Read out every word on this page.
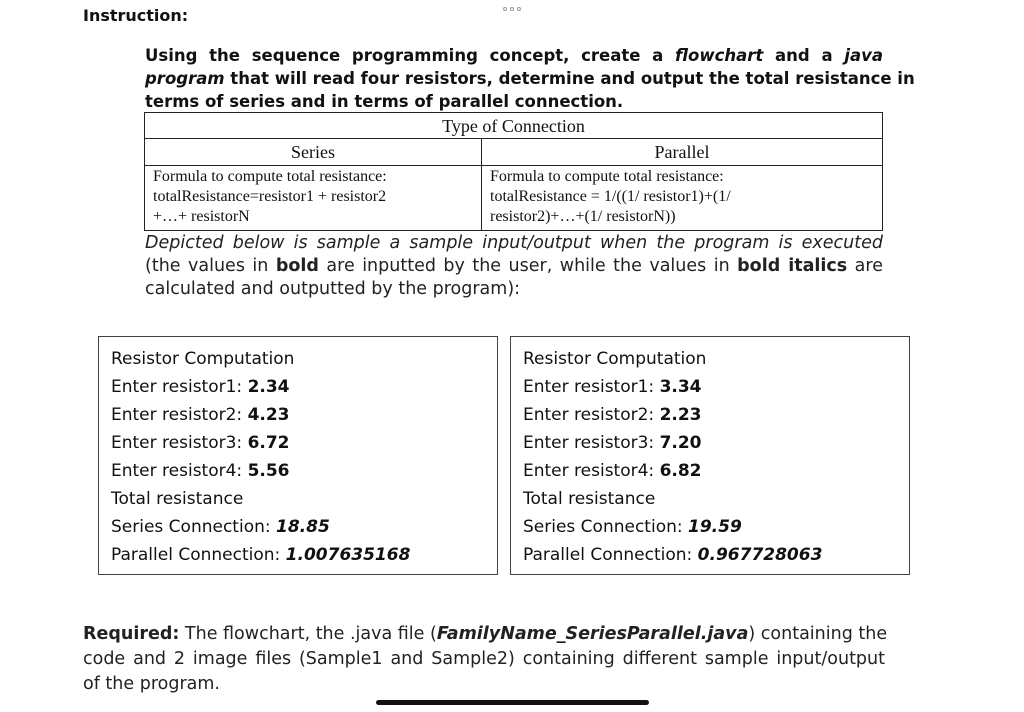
Instruction:
Using the sequence programming concept, create a flowchart and a java
program that will read four resistors, determine and output the total resistance in
terms of series and in terms of parallel connection.
Type of Connection
Series	Parallel
Formula to compute total resistance:
totalResistance=resistor1 + resistor2
+…+ resistorN
Formula to compute total resistance:
totalResistance = 1/((1/ resistor1)+(1/
resistor2)+…+(1/ resistorN))
Depicted below is sample a sample input/output when the program is executed
(the values in bold are inputted by the user, while the values in bold italics are
calculated and outputted by the program):
Resistor Computation
Enter resistor1: 2.34
Enter resistor2: 4.23
Enter resistor3: 6.72
Enter resistor4: 5.56
Total resistance
Series Connection: 18.85
Parallel Connection: 1.007635168
Resistor Computation
Enter resistor1: 3.34
Enter resistor2: 2.23
Enter resistor3: 7.20
Enter resistor4: 6.82
Total resistance
Series Connection: 19.59
Parallel Connection: 0.967728063
Required: The flowchart, the .java file (FamilyName_SeriesParallel.java) containing the
code and 2 image files (Sample1 and Sample2) containing different sample input/output
of the program.
